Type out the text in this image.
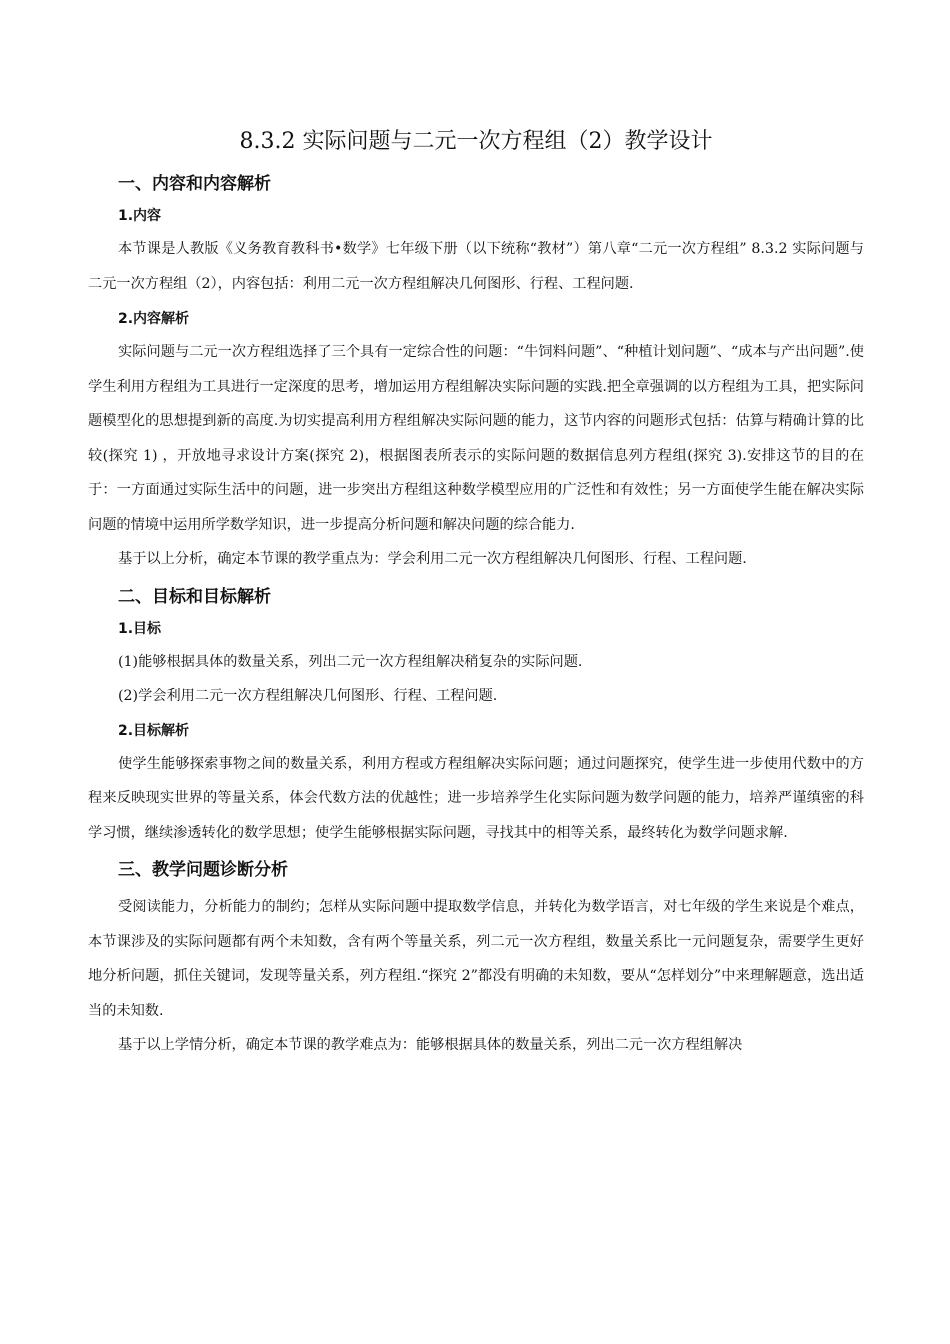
8.3.2 实际问题与二元一次方程组（2）教学设计
一、内容和内容解析
1.内容

本节课是人教版《义务教育教科书•数学》七年级下册（以下统称“教材”）第八章“二元一次方程组” 8.3.2 实际问题与二元一次方程组（2），内容包括：利用二元一次方程组解决几何图形、行程、工程问题.

2.内容解析

实际问题与二元一次方程组选择了三个具有一定综合性的问题：“牛饲料问题”、“种植计划问题”、“成本与产出问题”.使学生利用方程组为工具进行一定深度的思考，增加运用方程组解决实际问题的实践.把全章强调的以方程组为工具，把实际问题模型化的思想提到新的高度.为切实提高利用方程组解决实际问题的能力，这节内容的问题形式包括：估算与精确计算的比较(探究 1) ，开放地寻求设计方案(探究 2)，根据图表所表示的实际问题的数据信息列方程组(探究 3).安排这节的目的在于：一方面通过实际生活中的问题，进一步突出方程组这种数学模型应用的广泛性和有效性；另一方面使学生能在解决实际问题的情境中运用所学数学知识，进一步提高分析问题和解决问题的综合能力.

基于以上分析，确定本节课的教学重点为：学会利用二元一次方程组解决几何图形、行程、工程问题.

二、目标和目标解析
1.目标
(1)能够根据具体的数量关系，列出二元一次方程组解决稍复杂的实际问题.
(2)学会利用二元一次方程组解决几何图形、行程、工程问题.
2.目标解析

使学生能够探索事物之间的数量关系，利用方程或方程组解决实际问题；通过问题探究，使学生进一步使用代数中的方程来反映现实世界的等量关系，体会代数方法的优越性；进一步培养学生化实际问题为数学问题的能力，培养严谨缜密的科学习惯，继续渗透转化的数学思想；使学生能够根据实际问题，寻找其中的相等关系，最终转化为数学问题求解.

三、教学问题诊断分析

受阅读能力，分析能力的制约；怎样从实际问题中提取数学信息，并转化为数学语言，对七年级的学生来说是个难点，本节课涉及的实际问题都有两个未知数，含有两个等量关系，列二元一次方程组，数量关系比一元问题复杂，需要学生更好地分析问题，抓住关键词，发现等量关系，列方程组.“探究 2”都没有明确的未知数，要从“怎样划分”中来理解题意，选出适当的未知数.

基于以上学情分析，确定本节课的教学难点为：能够根据具体的数量关系，列出二元一次方程组解决
